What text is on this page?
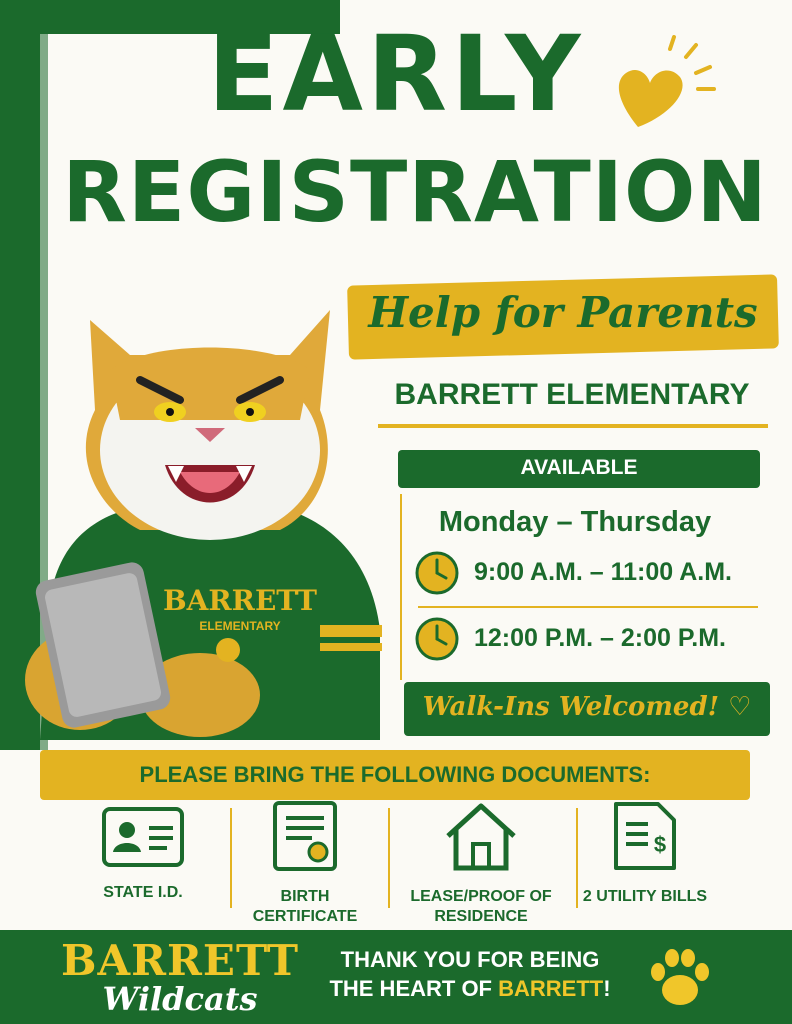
EARLY
REGISTRATION
Help for Parents
BARRETT
ELEMENTARY
BARRETT ELEMENTARY
AVAILABLE
Monday – Thursday
9:00 A.M. – 11:00 A.M.
12:00 P.M. – 2:00 P.M.
Walk-Ins Welcomed! ♡
PLEASE BRING THE FOLLOWING DOCUMENTS:
STATE I.D.	BIRTH CERTIFICATE
LEASE/PROOF OF RESIDENCE
$
2 UTILITY BILLS
BARRETT
Wildcats
THANK YOU FOR BEING THE HEART OF BARRETT!
